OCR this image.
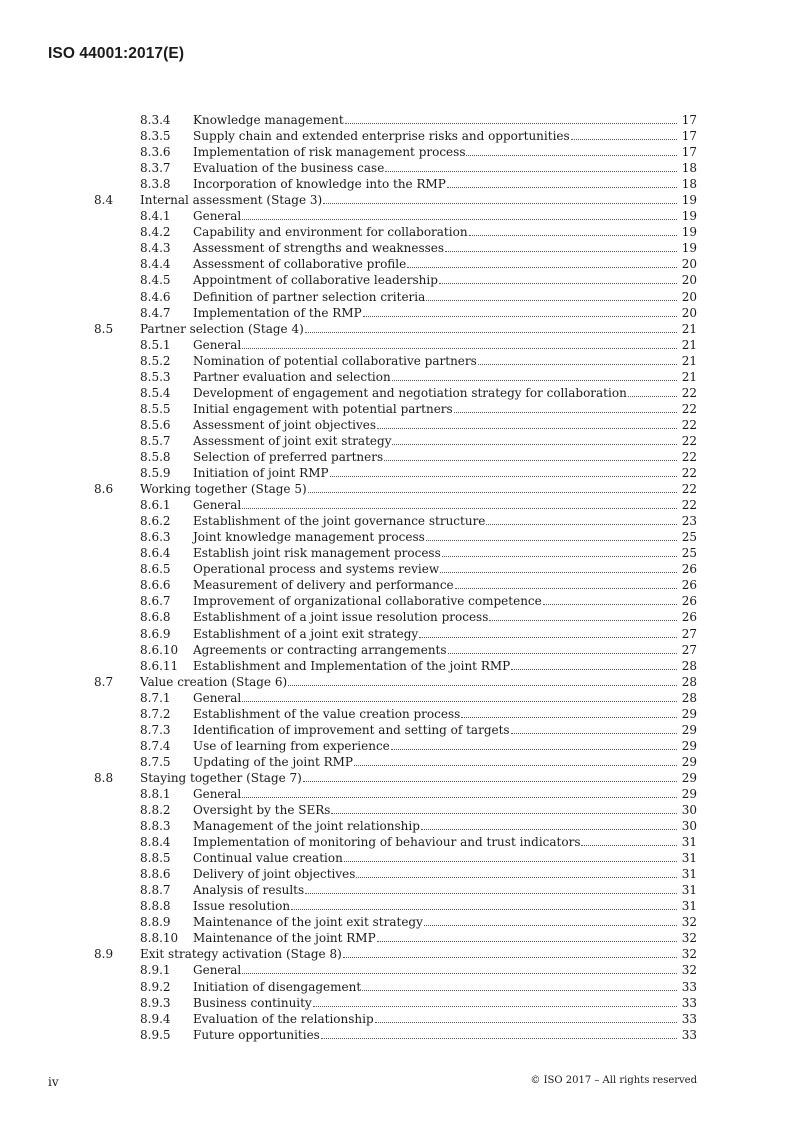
ISO 44001:2017(E)
8.3.4 Knowledge management	17
8.3.5 Supply chain and extended enterprise risks and opportunities	17
8.3.6 Implementation of risk management process	17
8.3.7 Evaluation of the business case	18
8.3.8 Incorporation of knowledge into the RMP	18
8.4 Internal assessment (Stage 3)	19
8.4.1 General	19
8.4.2 Capability and environment for collaboration	19
8.4.3 Assessment of strengths and weaknesses	19
8.4.4 Assessment of collaborative profile	20
8.4.5 Appointment of collaborative leadership	20
8.4.6 Definition of partner selection criteria	20
8.4.7 Implementation of the RMP	20
8.5 Partner selection (Stage 4)	21
8.5.1 General	21
8.5.2 Nomination of potential collaborative partners	21
8.5.3 Partner evaluation and selection	21
8.5.4 Development of engagement and negotiation strategy for collaboration	22
8.5.5 Initial engagement with potential partners	22
8.5.6 Assessment of joint objectives	22
8.5.7 Assessment of joint exit strategy	22
8.5.8 Selection of preferred partners	22
8.5.9 Initiation of joint RMP	22
8.6 Working together (Stage 5)	22
8.6.1 General	22
8.6.2 Establishment of the joint governance structure	23
8.6.3 Joint knowledge management process	25
8.6.4 Establish joint risk management process	25
8.6.5 Operational process and systems review	26
8.6.6 Measurement of delivery and performance	26
8.6.7 Improvement of organizational collaborative competence	26
8.6.8 Establishment of a joint issue resolution process	26
8.6.9 Establishment of a joint exit strategy	27
8.6.10 Agreements or contracting arrangements	27
8.6.11 Establishment and Implementation of the joint RMP	28
8.7 Value creation (Stage 6)	28
8.7.1 General	28
8.7.2 Establishment of the value creation process	29
8.7.3 Identification of improvement and setting of targets	29
8.7.4 Use of learning from experience	29
8.7.5 Updating of the joint RMP	29
8.8 Staying together (Stage 7)	29
8.8.1 General	29
8.8.2 Oversight by the SERs	30
8.8.3 Management of the joint relationship	30
8.8.4 Implementation of monitoring of behaviour and trust indicators	31
8.8.5 Continual value creation	31
8.8.6 Delivery of joint objectives	31
8.8.7 Analysis of results	31
8.8.8 Issue resolution	31
8.8.9 Maintenance of the joint exit strategy	32
8.8.10 Maintenance of the joint RMP	32
8.9 Exit strategy activation (Stage 8)	32
8.9.1 General	32
8.9.2 Initiation of disengagement	33
8.9.3 Business continuity	33
8.9.4 Evaluation of the relationship	33
8.9.5 Future opportunities	33
iv	© ISO 2017 – All rights reserved
